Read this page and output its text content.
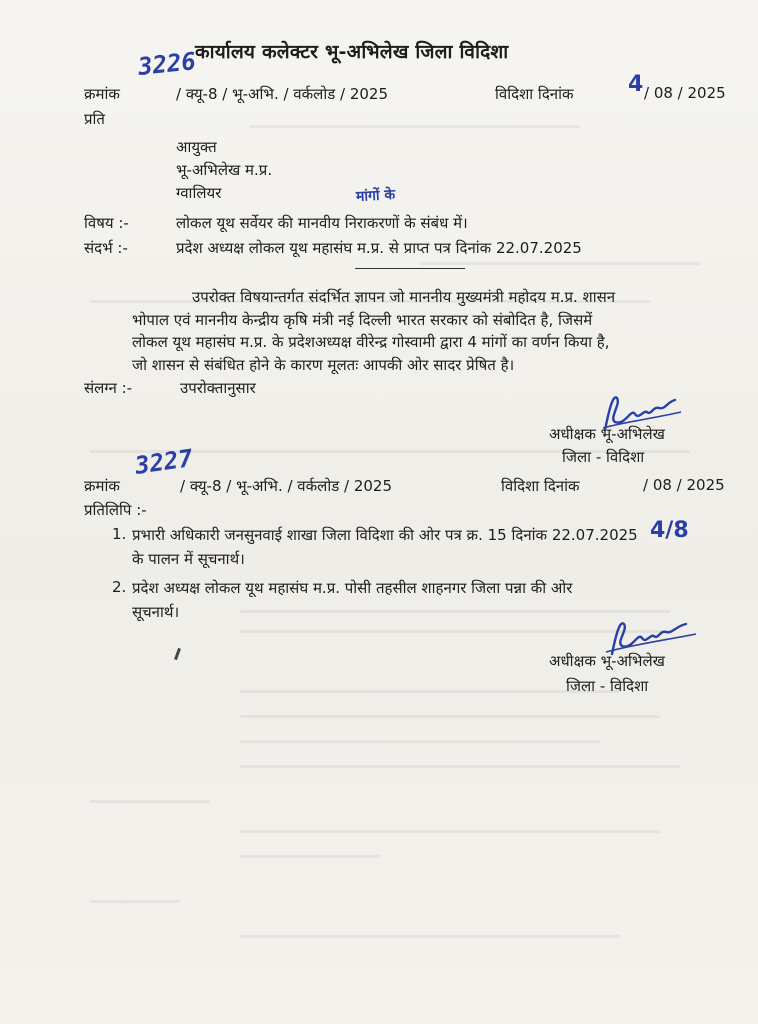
कार्यालय कलेक्टर भू-अभिलेख जिला विदिशा
3226
क्रमांक	/ क्यू-8 / भू-अभि. / वर्कलोड / 2025	विदिशा दिनांक 4 / 08 / 2025
प्रति
आयुक्त
भू-अभिलेख म.प्र.
ग्वालियर	मांगों के
विषय :-	लोकल यूथ सर्वेयर की मानवीय निराकरणों के संबंध में।
संदर्भ :-	प्रदेश अध्यक्ष लोकल यूथ महासंघ म.प्र. से प्राप्त पत्र दिनांक 22.07.2025
उपरोक्त विषयान्तर्गत संदर्भित ज्ञापन जो माननीय मुख्यमंत्री महोदय म.प्र. शासन
भोपाल एवं माननीय केन्द्रीय कृषि मंत्री नई दिल्ली भारत सरकार को संबोदित है, जिसमें
लोकल यूथ महासंघ म.प्र. के प्रदेशअध्यक्ष वीरेन्द्र गोस्वामी द्वारा 4 मांगों का वर्णन किया है,
जो शासन से संबंधित होने के कारण मूलतः आपकी ओर सादर प्रेषित है।
संलग्न :-	उपरोक्तानुसार
अधीक्षक भू-अभिलेख
जिला - विदिशा
3227
क्रमांक	/ क्यू-8 / भू-अभि. / वर्कलोड / 2025	विदिशा दिनांक	/ 08 / 2025
प्रतिलिपि :-
1. प्रभारी अधिकारी जनसुनवाई शाखा जिला विदिशा की ओर पत्र क्र. 15 दिनांक 22.07.2025 4/8
के पालन में सूचनार्थ।
2. प्रदेश अध्यक्ष लोकल यूथ महासंघ म.प्र. पोसी तहसील शाहनगर जिला पन्ना की ओर
सूचनार्थ।
अधीक्षक भू-अभिलेख
जिला - विदिशा
